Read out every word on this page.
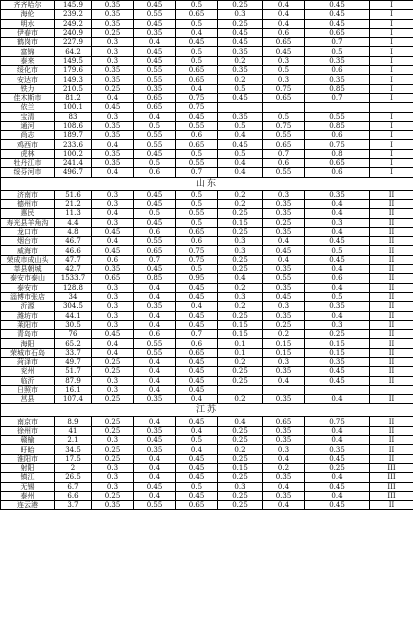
齐齐哈尔	145.9	0.35	0.45	0.5	0.25	0.4	0.45	I
海伦	239.2	0.35	0.55	0.65	0.3	0.4	0.45	I
明水	249.2	0.35	0.45	0.5	0.25	0.4	0.45	I
伊春市	240.9	0.25	0.35	0.4	0.45	0.6	0.65	I
鹤岗市	227.9	0.3	0.4	0.45	0.45	0.65	0.7	I
富锦	64.2	0.3	0.45	0.5	0.35	0.45	0.5	I
泰来	149.5	0.3	0.45	0.5	0.2	0.3	0.35	I
绥化市	179.6	0.35	0.55	0.65	0.35	0.5	0.6	I
安达市	149.3	0.35	0.55	0.65	0.2	0.3	0.35	I
铁力	210.5	0.25	0.35	0.4	0.5	0.75	0.85	I
佳木斯市	81.2	0.4	0.65	0.75	0.45	0.65	0.7	I
依兰	100.1	0.45	0.65	0.75				
宝清	83	0.3	0.4	0.45	0.35	0.5	0.55	I
通河	108.6	0.35	0.5	0.55	0.5	0.75	0.85	I
尚志	189.7	0.35	0.55	0.6	0.4	0.55	0.6	I
鸡西市	233.6	0.4	0.55	0.65	0.45	0.65	0.75	I
虎林	100.2	0.35	0.45	0.5	0.5	0.7	0.8	I
牡丹江市	241.4	0.35	0.5	0.55	0.4	0.6	0.65	I
绥芬河市	496.7	0.4	0.6	0.7	0.4	0.55	0.6	I
山东								
济南市	51.6	0.3	0.45	0.5	0.2	0.3	0.35	II
德州市	21.2	0.3	0.45	0.5	0.2	0.35	0.4	II
惠民	11.3	0.4	0.5	0.55	0.25	0.35	0.4	II
寿光县羊角沟	4.4	0.3	0.45	0.5	0.15	0.25	0.3	II
龙口市	4.8	0.45	0.6	0.65	0.25	0.35	0.4	II
烟台市	46.7	0.4	0.55	0.6	0.3	0.4	0.45	II
威海市	46.6	0.45	0.65	0.75	0.3	0.45	0.5	II
荣成市成山头	47.7	0.6	0.7	0.75	0.25	0.4	0.45	II
莘县朝城	42.7	0.35	0.45	0.5	0.25	0.35	0.4	II
泰安市泰山	1533.7	0.65	0.85	0.95	0.4	0.55	0.6	II
泰安市	128.8	0.3	0.4	0.45	0.2	0.35	0.4	II
淄博市张店	34	0.3	0.4	0.45	0.3	0.45	0.5	II
沂源	304.5	0.3	0.35	0.4	0.2	0.3	0.35	II
潍坊市	44.1	0.3	0.4	0.45	0.25	0.35	0.4	II
莱阳市	30.5	0.3	0.4	0.45	0.15	0.25	0.3	II
青岛市	76	0.45	0.6	0.7	0.15	0.2	0.25	II
海阳	65.2	0.4	0.55	0.6	0.1	0.15	0.15	II
荣城市石岛	33.7	0.4	0.55	0.65	0.1	0.15	0.15	II
菏泽市	49.7	0.25	0.4	0.45	0.2	0.3	0.35	II
兖州	51.7	0.25	0.4	0.45	0.25	0.35	0.45	II
临沂	87.9	0.3	0.4	0.45	0.25	0.4	0.45	II
日照市	16.1	0.3	0.4	0.45				
莒县	107.4	0.25	0.35	0.4	0.2	0.35	0.4	II
江苏								
南京市	8.9	0.25	0.4	0.45	0.4	0.65	0.75	II
徐州市	41	0.25	0.35	0.4	0.25	0.35	0.4	II
赣榆	2.1	0.3	0.45	0.5	0.25	0.35	0.4	II
盱眙	34.5	0.25	0.35	0.4	0.2	0.3	0.35	II
淮阳市	17.5	0.25	0.4	0.45	0.25	0.4	0.45	II
射阳	2	0.3	0.4	0.45	0.15	0.2	0.25	III
镇江	26.5	0.3	0.4	0.45	0.25	0.35	0.4	III
无锡	6.7	0.3	0.45	0.5	0.3	0.4	0.45	III
泰州	6.6	0.25	0.4	0.45	0.25	0.35	0.4	III
连云港	3.7	0.35	0.55	0.65	0.25	0.4	0.45	II
